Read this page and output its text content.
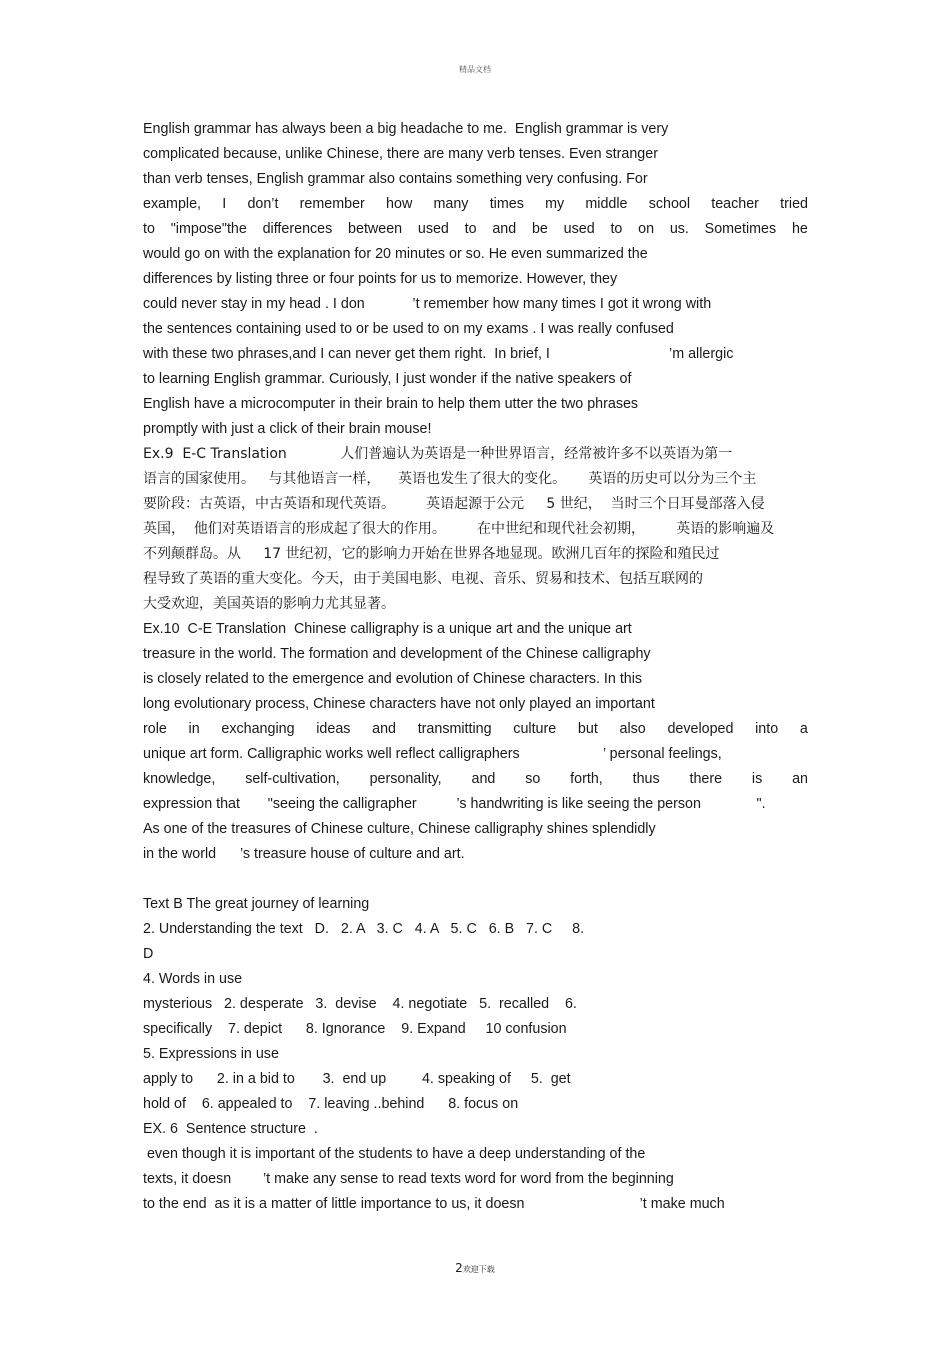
精品文档
English grammar has always been a big headache to me.  English grammar is very
complicated because, unlike Chinese, there are many verb tenses. Even stranger
than verb tenses, English grammar also contains something very confusing. For
example, I don’t remember how many times my middle school teacher tried
to "impose"the differences between used to and be used to on us. Sometimes he
would go on with the explanation for 20 minutes or so. He even summarized the
differences by listing three or four points for us to memorize. However, they
could never stay in my head . I don            ’t remember how many times I got it wrong with
the sentences containing used to or be used to on my exams . I was really confused
with these two phrases,and I can never get them right.  In brief, I                              ’m allergic
to learning English grammar. Curiously, I just wonder if the native speakers of
English have a microcomputer in their brain to help them utter the two phrases
promptly with just a click of their brain mouse!
Ex.9  E-C Translation            人们普遍认为英语是一种世界语言，经常被许多不以英语为第一
语言的国家使用。   与其他语言一样，    英语也发生了很大的变化。     英语的历史可以分为三个主
要阶段：古英语，中古英语和现代英语。       英语起源于公元     5 世纪，  当时三个日耳曼部落入侵
英国，  他们对英语语言的形成起了很大的作用。       在中世纪和现代社会初期，       英语的影响遍及
不列颠群岛。从     17 世纪初，它的影响力开始在世界各地显现。欧洲几百年的探险和殖民过
程导致了英语的重大变化。今天，由于美国电影、电视、音乐、贸易和技术、包括互联网的
大受欢迎，美国英语的影响力尤其显著。
Ex.10  C-E Translation  Chinese calligraphy is a unique art and the unique art
treasure in the world. The formation and development of the Chinese calligraphy
is closely related to the emergence and evolution of Chinese characters. In this
long evolutionary process, Chinese characters have not only played an important
role in exchanging ideas and transmitting culture but also developed into a
unique art form. Calligraphic works well reflect calligraphers                     ’ personal feelings,
knowledge, self-cultivation, personality, and so forth, thus there is an
expression that       "seeing the calligrapher          ’s handwriting is like seeing the person              ".
As one of the treasures of Chinese culture, Chinese calligraphy shines splendidly
in the world      ’s treasure house of culture and art.
Text B The great journey of learning
2. Understanding the text   D.   2. A   3. C   4. A   5. C   6. B   7. C     8.
D
4. Words in use
mysterious   2. desperate   3.  devise    4. negotiate   5.  recalled    6.
specifically    7. depict      8. Ignorance    9. Expand     10 confusion
5. Expressions in use
apply to      2. in a bid to       3.  end up         4. speaking of     5.  get
hold of    6. appealed to    7. leaving ..behind      8. focus on
EX. 6  Sentence structure  .
even though it is important of the students to have a deep understanding of the
texts, it doesn        ’t make any sense to read texts word for word from the beginning
to the end  as it is a matter of little importance to us, it doesn                             ’t make much
2欢迎下载
